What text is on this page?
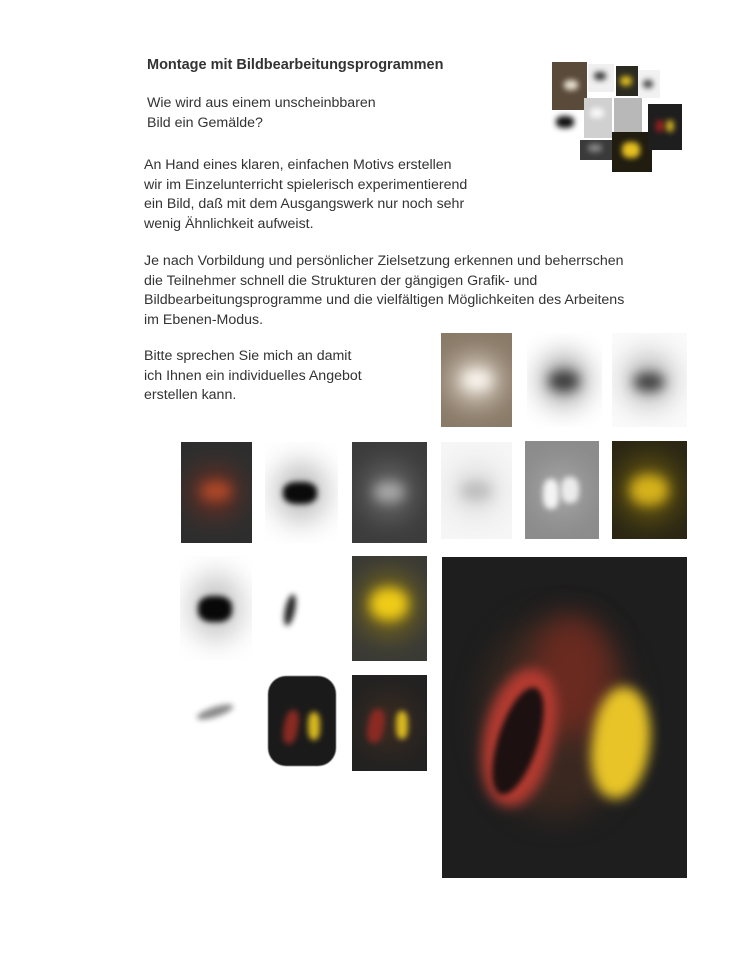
Montage mit Bildbearbeitungsprogrammen

Wie wird aus einem unscheinbbaren
Bild ein Gemälde?

An Hand eines klaren, einfachen Motivs erstellen
wir im Einzelunterricht spielerisch experimentierend
ein Bild, daß mit dem Ausgangswerk nur noch sehr
wenig Ähnlichkeit aufweist.

Je nach Vorbildung und persönlicher Zielsetzung erkennen und beherrschen
die Teilnehmer schnell die Strukturen der gängigen Grafik- und
Bildbearbeitungsprogramme und die vielfältigen Möglichkeiten des Arbeitens
im Ebenen-Modus.

Bitte sprechen Sie mich an damit
ich Ihnen ein individuelles Angebot
erstellen kann.
